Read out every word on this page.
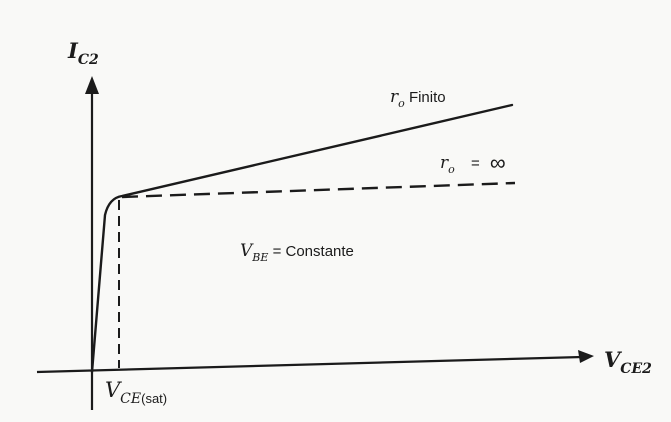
$I_{C2}$
$V_{CE2}$
$V_{CE(sat)}$
$r_o$ Finito
$r_o$ = ∞
$V_{BE}$ = Constante
